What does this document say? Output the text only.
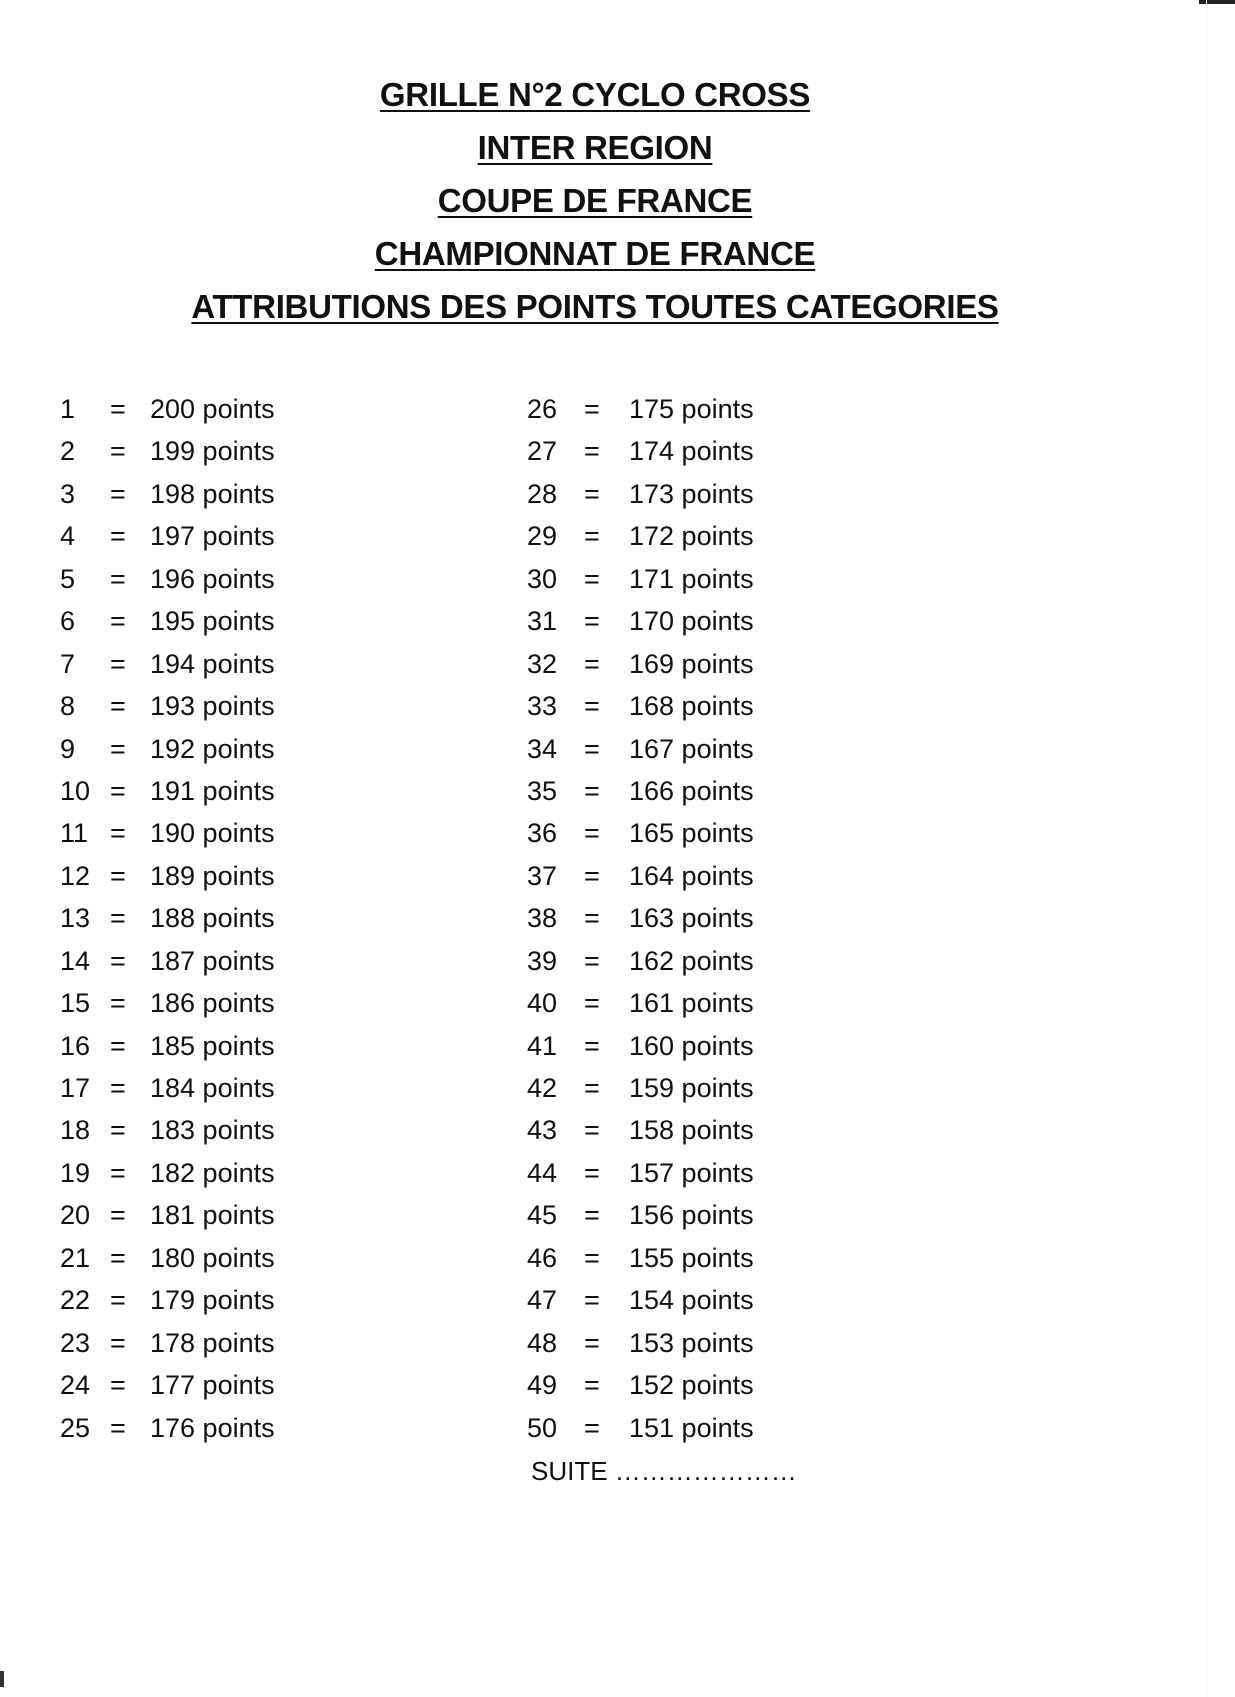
GRILLE N°2 CYCLO CROSS
INTER REGION
COUPE DE FRANCE
CHAMPIONNAT DE FRANCE
ATTRIBUTIONS DES POINTS TOUTES CATEGORIES
1	= 200 points
2	= 199 points
3	= 198 points
4	= 197 points
5	= 196 points
6	= 195 points
7	= 194 points
8	= 193 points
9	= 192 points
10 = 191 points
11 = 190 points
12 = 189 points
13 = 188 points
14 = 187 points
15 = 186 points
16 = 185 points
17 = 184 points
18 = 183 points
19 = 182 points
20 = 181 points
21 = 180 points
22 = 179 points
23 = 178 points
24 = 177 points
25 = 176 points
26 = 175 points
27 = 174 points
28 = 173 points
29 = 172 points
30 = 171 points
31 = 170 points
32 = 169 points
33 = 168 points
34 = 167 points
35 = 166 points
36 = 165 points
37 = 164 points
38 = 163 points
39 = 162 points
40 = 161 points
41 = 160 points
42 = 159 points
43 = 158 points
44 = 157 points
45 = 156 points
46 = 155 points
47 = 154 points
48 = 153 points
49 = 152 points
50 = 151 points
SUITE …………………
